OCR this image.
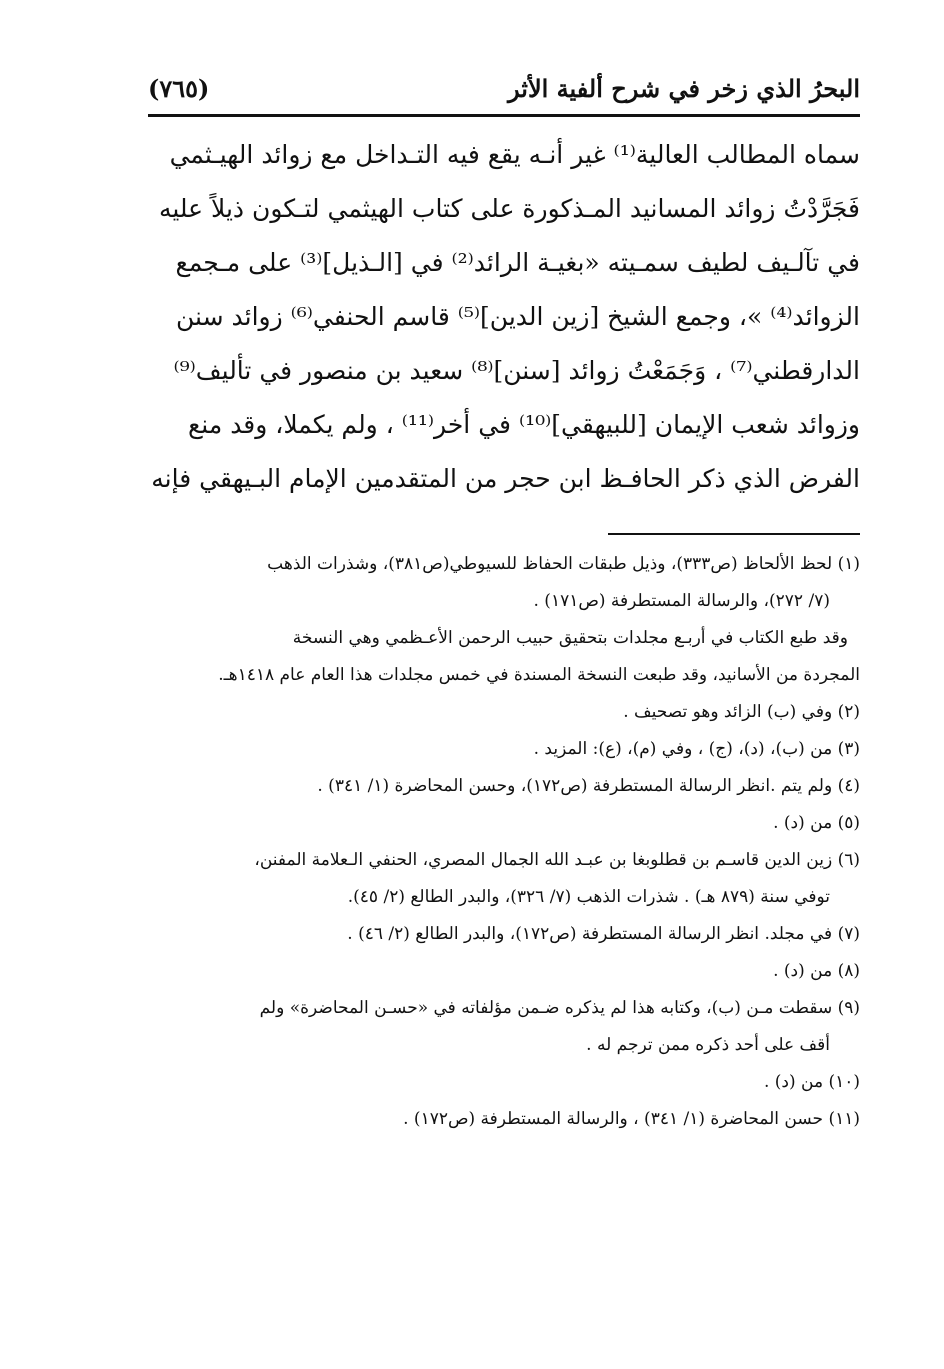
البحرُ الذي زخر في شرح ألفية الأثر
(٧٦٥)
سماه المطالب العالية⁽¹⁾ غير أنـه يقع فيه التـداخل مع زوائد الهيـثمي
فَجَرَّدْتُ زوائد المسانيد المـذكورة على كتاب الهيثمي لتـكون ذيلاً عليه
في تآلـيف لطيف سمـيته «بغيـة الرائد⁽²⁾ في [الـذيل]⁽³⁾ على مـجمع
الزوائد⁽⁴⁾ »، وجمع الشيخ [زين الدين]⁽⁵⁾ قاسم الحنفي⁽⁶⁾ زوائد سنن
الدارقطني⁽⁷⁾ ، وَجَمَعْتُ زوائد [سنن]⁽⁸⁾ سعيد بن منصور في تأليف⁽⁹⁾
وزوائد شعب الإيمان [للبيهقي]⁽¹⁰⁾ في أخر⁽¹¹⁾ ، ولم يكملا، وقد منع
الفرض الذي ذكر الحافـظ ابن حجر من المتقدمين الإمام البـيهقي فإنه
(١) لحظ الألحاظ (ص٣٣٣)، وذيل طبقات الحفاظ للسيوطي(ص٣٨١)، وشذرات الذهب
(٧/ ٢٧٢)، والرسالة المستطرفة (ص١٧١) .
وقد طبع الكتاب في أربـع مجلدات بتحقيق حبيب الرحمن الأعـظمي وهي النسخة
المجردة من الأسانيد، وقد طبعت النسخة المسندة في خمس مجلدات هذا العام عام ١٤١٨هـ.
(٢) وفي (ب) الزائد وهو تصحيف .
(٣) من (ب)، (د)، (ج) ، وفي (م)، (ع): المزيد .
(٤) ولم يتم .انظر الرسالة المستطرفة (ص١٧٢)، وحسن المحاضرة (١/ ٣٤١) .
(٥) من (د) .
(٦) زين الدين قاسـم بن قطلوبغا بن عبـد الله الجمال المصري، الحنفي الـعلامة المفنن،
توفي سنة (٨٧٩ هـ) . شذرات الذهب (٧/ ٣٢٦)، والبدر الطالع (٢/ ٤٥).
(٧) في مجلد. انظر الرسالة المستطرفة (ص١٧٢)، والبدر الطالع (٢/ ٤٦) .
(٨) من (د) .
(٩) سقطت مـن (ب)، وكتابه هذا لم يذكره ضـمن مؤلفاته في «حسـن المحاضرة» ولم
أقف على أحد ذكره ممن ترجم له .
(١٠) من (د) .
(١١) حسن المحاضرة (١/ ٣٤١) ، والرسالة المستطرفة (ص١٧٢) .
